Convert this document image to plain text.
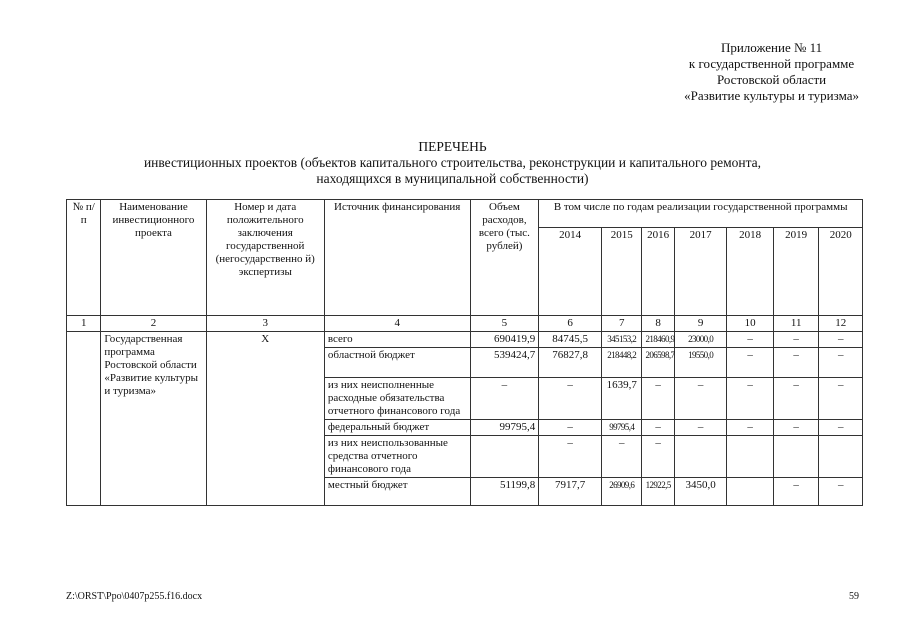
Приложение № 11
к государственной программе
Ростовской области
«Развитие культуры и туризма»
ПЕРЕЧЕНЬ
инвестиционных проектов (объектов капитального строительства, реконструкции и капитального ремонта,
находящихся в муниципальной собственности)
№ п/п	Наименование инвестиционного проекта	Номер и дата положительного заключения государственной (негосударственно й) экспертизы	Источник финансирования	Объем расходов, всего (тыс. рублей)	В том числе по годам реализации государственной программы						
					2014	2015	2016	2017	2018	2019	2020
1	2	3	4	5	6	7	8	9	10	11	12
	Государственная программа Ростовской области «Развитие культуры и туризма»	Х	всего	690419,9	84745,5	345153,2	218460,9	23000,0	–	–	–
			областной бюджет	539424,7	76827,8	218448,2	206598,7	19550,0	–	–	–
			из них неисполненные расходные обязательства отчетного финансового года	–	–	1639,7	–	–	–	–	–
			федеральный бюджет	99795,4	–	99795,4	–	–	–	–	–
			из них неиспользованные средства отчетного финансового года		–	–	–				
			местный бюджет	51199,8	7917,7	26909,6	12922,5	3450,0		–	–
Z:\ORST\Ppo\0407p255.f16.docx	59
